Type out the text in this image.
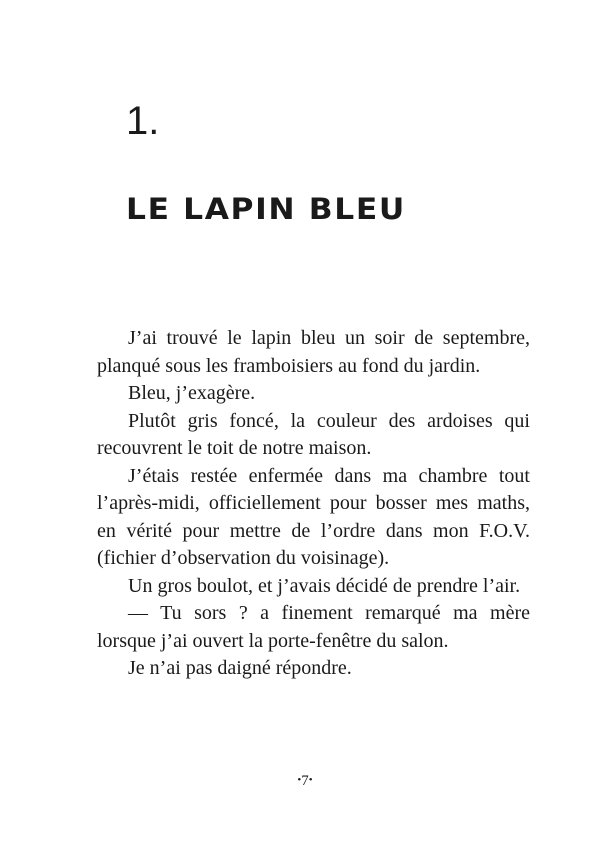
1.
LE LAPIN BLEU

J’ai trouvé le lapin bleu un soir de septembre, planqué sous les framboisiers au fond du jardin.

Bleu, j’exagère.

Plutôt gris foncé, la couleur des ardoises qui recouvrent le toit de notre maison.

J’étais restée enfermée dans ma chambre tout l’après-midi, officiellement pour bosser mes maths, en vérité pour mettre de l’ordre dans mon F.O.V. (fichier d’observation du voisinage).

Un gros boulot, et j’avais décidé de prendre l’air.

— Tu sors ? a finement remarqué ma mère lorsque j’ai ouvert la porte-fenêtre du salon.

Je n’ai pas daigné répondre.

•7•
